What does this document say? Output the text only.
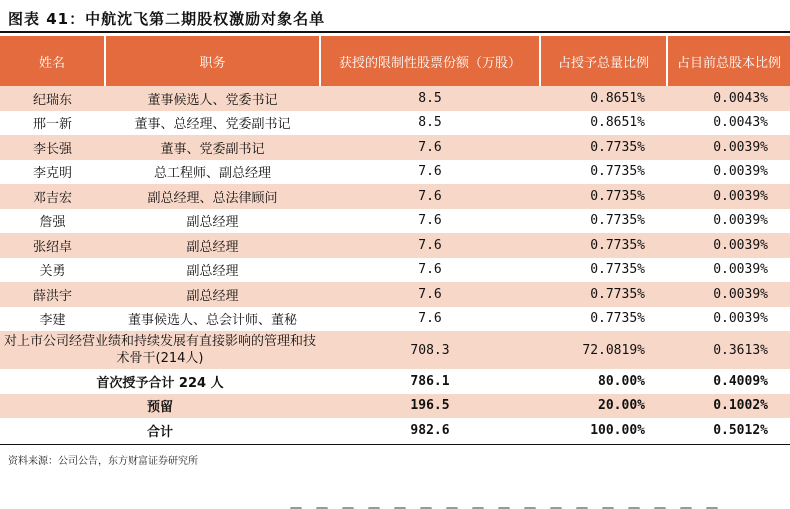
图表 41：中航沈飞第二期股权激励对象名单
姓名	职务	获授的限制性股票份额（万股）	占授予总量比例	占目前总股本比例
纪瑞东	董事候选人、党委书记	8.5	0.8651%	0.0043%
邢一新	董事、总经理、党委副书记	8.5	0.8651%	0.0043%
李长强	董事、党委副书记	7.6	0.7735%	0.0039%
李克明	总工程师、副总经理	7.6	0.7735%	0.0039%
邓吉宏	副总经理、总法律顾问	7.6	0.7735%	0.0039%
詹强	副总经理	7.6	0.7735%	0.0039%
张绍卓	副总经理	7.6	0.7735%	0.0039%
关勇	副总经理	7.6	0.7735%	0.0039%
薛洪宇	副总经理	7.6	0.7735%	0.0039%
李建	董事候选人、总会计师、董秘	7.6	0.7735%	0.0039%
对上市公司经营业绩和持续发展有直接影响的管理和技术骨干(214人)		708.3	72.0819%	0.3613%
首次授予合计 224 人		786.1	80.00%	0.4009%
预留		196.5	20.00%	0.1002%
合计		982.6	100.00%	0.5012%
资料来源：公司公告，东方财富证券研究所
